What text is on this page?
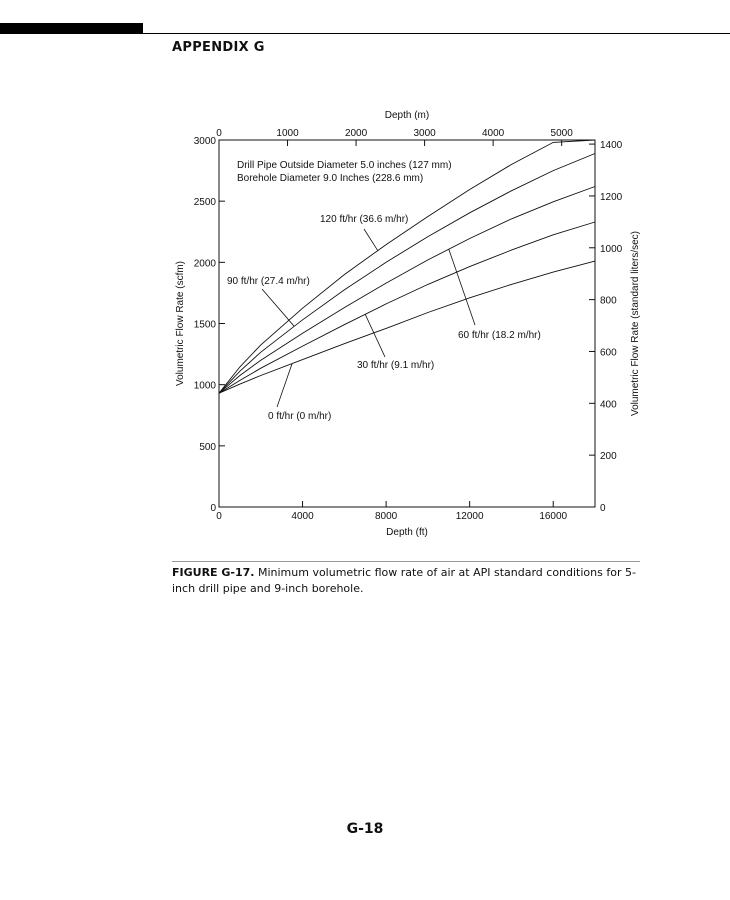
APPENDIX G
0	4000	8000	12000	16000
0	1000	2000	3000	4000	5000
0
500
1000
1500
2000
2500
3000
0
200
400
600
800
1000
1200
1400
Depth (ft)
Depth (m)
Volumetric Flow Rate (scfm)	Volumetric Flow Rate (standard liters/sec)
Drill Pipe Outside Diameter 5.0 inches (127 mm)
Borehole Diameter 9.0 Inches (228.6 mm)
0 ft/hr (0 m/hr)
30 ft/hr (9.1 m/hr)
60 ft/hr (18.2 m/hr)
90 ft/hr (27.4 m/hr)
120 ft/hr (36.6 m/hr)
FIGURE G-17. Minimum volumetric flow rate of air at API standard conditions for 5-inch drill pipe and 9-inch borehole.
G-18
